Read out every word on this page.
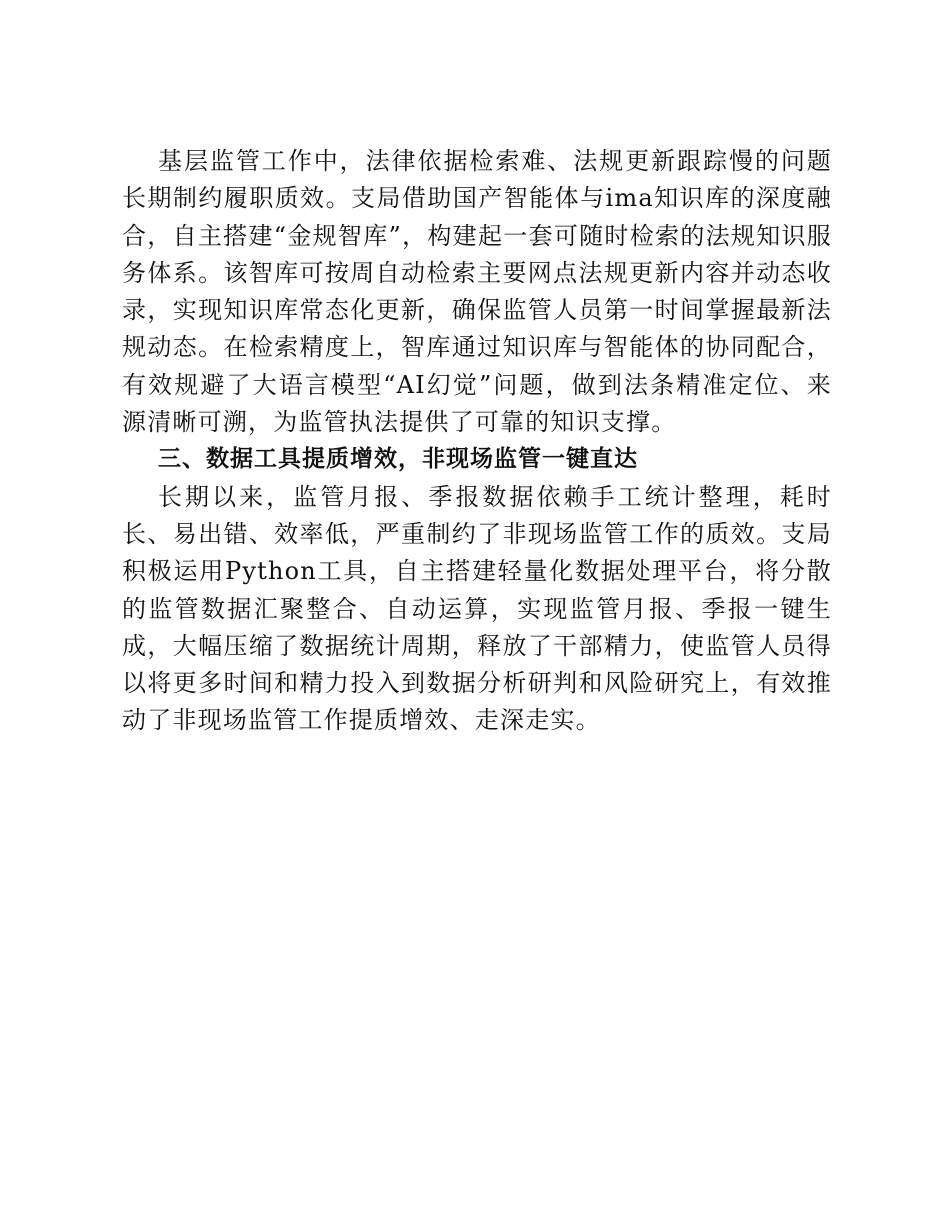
基层监管工作中，法律依据检索难、法规更新跟踪慢的问题长期制约履职质效。支局借助国产智能体与ima知识库的深度融合，自主搭建“金规智库”，构建起一套可随时检索的法规知识服务体系。该智库可按周自动检索主要网点法规更新内容并动态收录，实现知识库常态化更新，确保监管人员第一时间掌握最新法规动态。在检索精度上，智库通过知识库与智能体的协同配合，有效规避了大语言模型“AI幻觉”问题，做到法条精准定位、来源清晰可溯，为监管执法提供了可靠的知识支撑。

三、数据工具提质增效，非现场监管一键直达

长期以来，监管月报、季报数据依赖手工统计整理，耗时长、易出错、效率低，严重制约了非现场监管工作的质效。支局积极运用Python工具，自主搭建轻量化数据处理平台，将分散的监管数据汇聚整合、自动运算，实现监管月报、季报一键生成，大幅压缩了数据统计周期，释放了干部精力，使监管人员得以将更多时间和精力投入到数据分析研判和风险研究上，有效推动了非现场监管工作提质增效、走深走实。
